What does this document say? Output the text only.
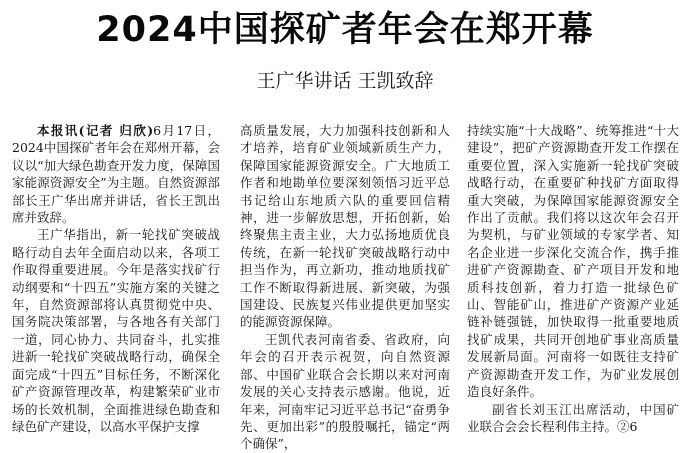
2024中国探矿者年会在郑开幕
王广华讲话 王凯致辞

本报讯(记者 归欣)6月17日，2024中国探矿者年会在郑州开幕，会议以“加大绿色勘查开发力度，保障国家能源资源安全”为主题。自然资源部部长王广华出席并讲话，省长王凯出席并致辞。

王广华指出，新一轮找矿突破战略行动自去年全面启动以来，各项工作取得重要进展。今年是落实找矿行动纲要和“十四五”实施方案的关键之年，自然资源部将认真贯彻党中央、国务院决策部署，与各地各有关部门一道，同心协力、共同奋斗，扎实推进新一轮找矿突破战略行动，确保全面完成“十四五”目标任务，不断深化矿产资源管理改革，构建繁荣矿业市场的长效机制，全面推进绿色勘查和绿色矿产建设，以高水平保护支撑

高质量发展，大力加强科技创新和人才培养，培育矿业领域新质生产力，保障国家能源资源安全。广大地质工作者和地勘单位要深刻领悟习近平总书记给山东地质六队的重要回信精神，进一步解放思想，开拓创新，始终聚焦主责主业，大力弘扬地质优良传统，在新一轮找矿突破战略行动中担当作为，再立新功，推动地质找矿工作不断取得新进展、新突破，为强国建设、民族复兴伟业提供更加坚实的能源资源保障。

王凯代表河南省委、省政府，向年会的召开表示祝贺，向自然资源部、中国矿业联合会长期以来对河南发展的关心支持表示感谢。他说，近年来，河南牢记习近平总书记“奋勇争先、更加出彩”的殷殷嘱托，锚定“两个确保”，

持续实施“十大战略”、统筹推进“十大建设”，把矿产资源勘查开发工作摆在重要位置，深入实施新一轮找矿突破战略行动，在重要矿种找矿方面取得重大突破，为保障国家能源资源安全作出了贡献。我们将以这次年会召开为契机，与矿业领域的专家学者、知名企业进一步深化交流合作，携手推进矿产资源勘查、矿产项目开发和地质科技创新，着力打造一批绿色矿山、智能矿山，推进矿产资源产业延链补链强链，加快取得一批重要地质找矿成果，共同开创地矿事业高质量发展新局面。河南将一如既往支持矿产资源勘查开发工作，为矿业发展创造良好条件。

副省长刘玉江出席活动，中国矿业联合会会长程利伟主持。②6
